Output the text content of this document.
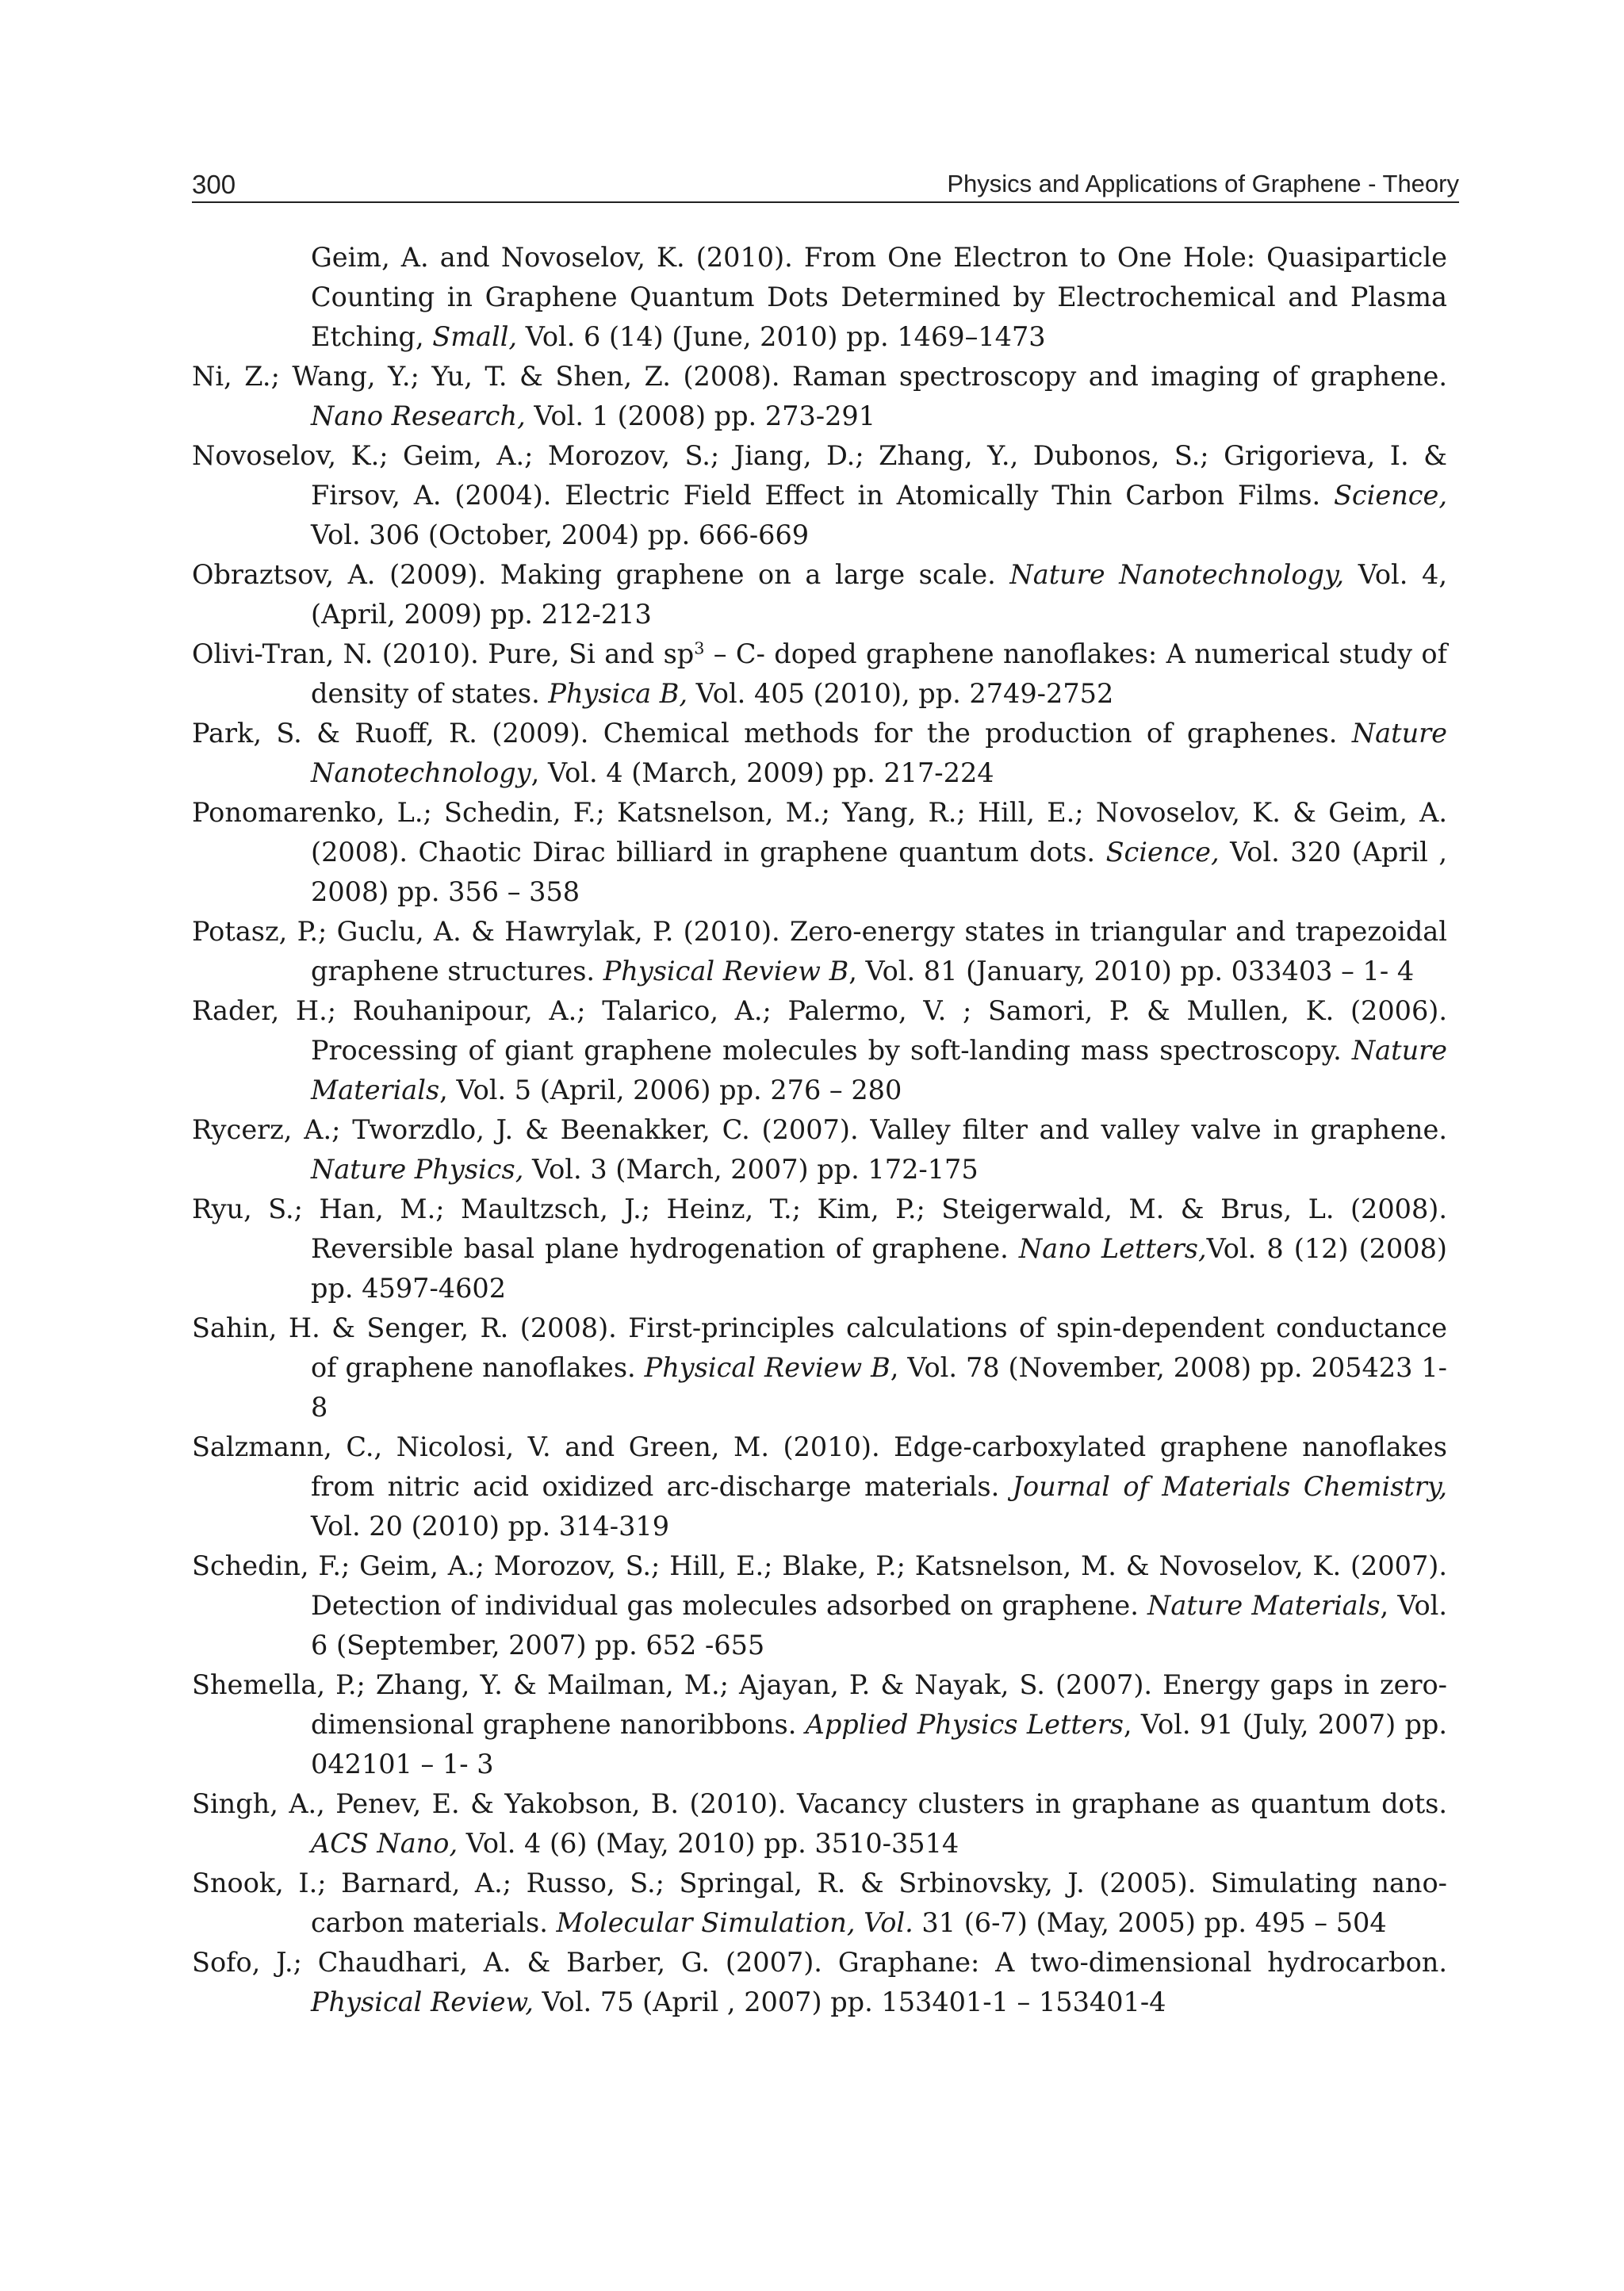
300	Physics and Applications of Graphene - Theory

Geim, A. and Novoselov, K. (2010). From One Electron to One Hole: Quasiparticle Counting in Graphene Quantum Dots Determined by Electrochemical and Plasma Etching, Small, Vol. 6 (14) (June, 2010) pp. 1469–1473

Ni, Z.; Wang, Y.; Yu, T. & Shen, Z. (2008). Raman spectroscopy and imaging of graphene. Nano Research, Vol. 1 (2008) pp. 273-291

Novoselov, K.; Geim, A.; Morozov, S.; Jiang, D.; Zhang, Y., Dubonos, S.; Grigorieva, I. & Firsov, A. (2004). Electric Field Effect in Atomically Thin Carbon Films. Science, Vol. 306 (October, 2004) pp. 666-669

Obraztsov, A. (2009). Making graphene on a large scale. Nature Nanotechnology, Vol. 4, (April, 2009) pp. 212-213

Olivi-Tran, N. (2010). Pure, Si and $sp^3 - C-$ doped graphene nanoflakes: A numerical study of density of states. Physica B, Vol. 405 (2010), pp. 2749-2752

Park, S. & Ruoff, R. (2009). Chemical methods for the production of graphenes. Nature Nanotechnology, Vol. 4 (March, 2009) pp. 217-224

Ponomarenko, L.; Schedin, F.; Katsnelson, M.; Yang, R.; Hill, E.; Novoselov, K. & Geim, A. (2008). Chaotic Dirac billiard in graphene quantum dots. Science, Vol. 320 (April , 2008) pp. 356 – 358

Potasz, P.; Guclu, A. & Hawrylak, P. (2010). Zero-energy states in triangular and trapezoidal graphene structures. Physical Review B, Vol. 81 (January, 2010) pp. 033403 – 1- 4

Rader, H.; Rouhanipour, A.; Talarico, A.; Palermo, V. ; Samori, P. & Mullen, K. (2006). Processing of giant graphene molecules by soft-landing mass spectroscopy. Nature Materials, Vol. 5 (April, 2006) pp. 276 – 280

Rycerz, A.; Tworzdlo, J. & Beenakker, C. (2007). Valley filter and valley valve in graphene. Nature Physics, Vol. 3 (March, 2007) pp. 172-175

Ryu, S.; Han, M.; Maultzsch, J.; Heinz, T.; Kim, P.; Steigerwald, M. & Brus, L. (2008). Reversible basal plane hydrogenation of graphene. Nano Letters,Vol. 8 (12) (2008) pp. 4597-4602

Sahin, H. & Senger, R. (2008). First-principles calculations of spin-dependent conductance of graphene nanoflakes. Physical Review B, Vol. 78 (November, 2008) pp. 205423 1- 8

Salzmann, C., Nicolosi, V. and Green, M. (2010). Edge-carboxylated graphene nanoflakes from nitric acid oxidized arc-discharge materials. Journal of Materials Chemistry, Vol. 20 (2010) pp. 314-319

Schedin, F.; Geim, A.; Morozov, S.; Hill, E.; Blake, P.; Katsnelson, M. & Novoselov, K. (2007). Detection of individual gas molecules adsorbed on graphene. Nature Materials, Vol. 6 (September, 2007) pp. 652 -655

Shemella, P.; Zhang, Y. & Mailman, M.; Ajayan, P. & Nayak, S. (2007). Energy gaps in zero-dimensional graphene nanoribbons. Applied Physics Letters, Vol. 91 (July, 2007) pp. 042101 – 1- 3

Singh, A., Penev, E. & Yakobson, B. (2010). Vacancy clusters in graphane as quantum dots. ACS Nano, Vol. 4 (6) (May, 2010) pp. 3510-3514

Snook, I.; Barnard, A.; Russo, S.; Springal, R. & Srbinovsky, J. (2005). Simulating nano-carbon materials. Molecular Simulation, Vol. 31 (6-7) (May, 2005) pp. 495 – 504

Sofo, J.; Chaudhari, A. & Barber, G. (2007). Graphane: A two-dimensional hydrocarbon. Physical Review, Vol. 75 (April , 2007) pp. 153401-1 – 153401-4
